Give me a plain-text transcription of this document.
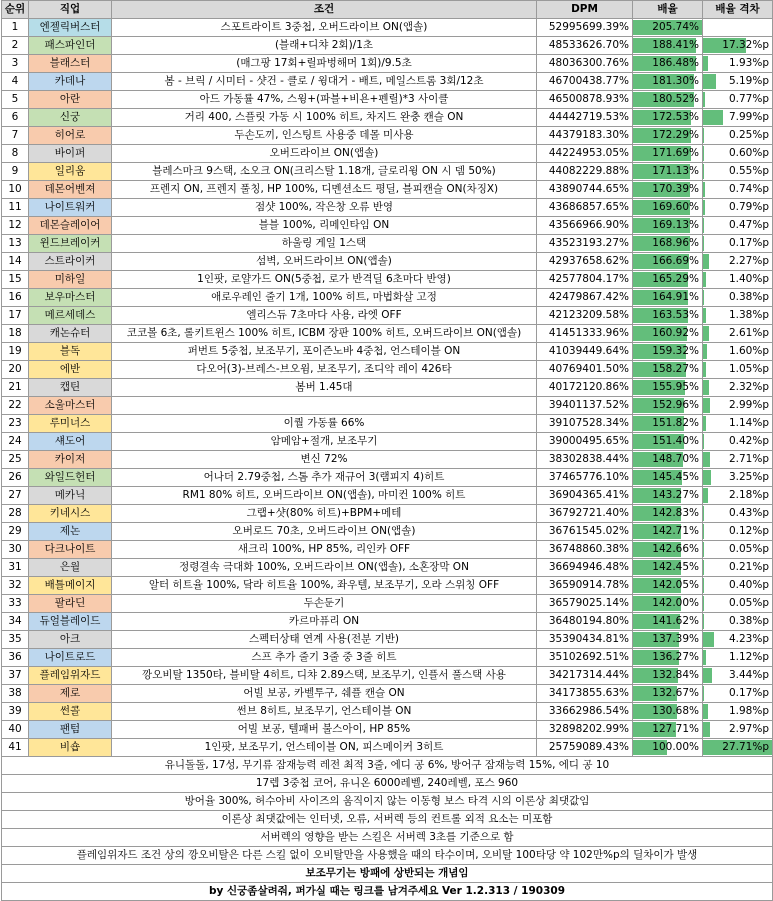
순위	직업	조건	DPM	배율	배율 격차
1	엔젤릭버스터	스포트라이트 3중첩, 오버드라이브 ON(앱솔)	52995699.39%	205.74%	
2	패스파인더	(블래+디챠 2회)/1초	48533626.70%	188.41%	17.32%p
3	블래스터	(매그팡 17회+릴파벙해머 1회)/9.5초	48036300.76%	186.48%	1.93%p
4	카데나	봄 - 브릭 / 시미터 - 샷건 - 클로 / 윙대거 - 배트, 메일스트롬 3회/12초	46700438.77%	181.30%	5.19%p
5	아란	아드 가동률 47%, 스윙+(파블+비욘+펜릴)*3 사이클	46500878.93%	180.52%	0.77%p
6	신궁	거리 400, 스플릿 가동 시 100% 히트, 차지드 완충 캔슬 ON	44442719.53%	172.53%	7.99%p
7	히어로	두손도끼, 인스팅트 사용중 데몰 미사용	44379183.30%	172.29%	0.25%p
8	바이퍼	오버드라이브 ON(앱솔)	44224953.05%	171.69%	0.60%p
9	일리움	블레스마크 9스택, 소오크 ON(크리스탈 1.18개, 글로리윙 ON 시 뎀 50%)	44082229.88%	171.13%	0.55%p
10	데몬어벤져	프렌지 ON, 프렌지 풀칭, HP 100%, 디멘션소드 평딜, 블피캔슬 ON(차징X)	43890744.65%	170.39%	0.74%p
11	나이트워커	점샷 100%, 작은창 오류 반영	43686857.65%	169.60%	0.79%p
12	데몬슬레이어	블블 100%, 리메인타임 ON	43566966.90%	169.13%	0.47%p
13	윈드브레이커	하울링 게일 1스택	43523193.27%	168.96%	0.17%p
14	스트라이커	섬벽, 오버드라이브 ON(앱솔)	42937658.62%	166.69%	2.27%p
15	미하일	1인팟, 로얄가드 ON(5중첩, 로가 반격딜 6초마다 반영)	42577804.17%	165.29%	1.40%p
16	보우마스터	애로우레인 줄기 1개, 100% 히트, 마법화살 고정	42479867.42%	164.91%	0.38%p
17	메르세데스	엘리스듀 7초마다 사용, 라엣 OFF	42123209.58%	163.53%	1.38%p
18	캐논슈터	코코볼 6초, 롤키트윈스 100% 히트, ICBM 장판 100% 히트, 오버드라이브 ON(앱솔)	41451333.96%	160.92%	2.61%p
19	블독	퍼번트 5중첩, 보조무기, 포이즌노바 4중첩, 언스테이블 ON	41039449.64%	159.32%	1.60%p
20	에반	다오어(3)-브레스-브오윔, 보조무기, 조디악 레이 426타	40769401.50%	158.27%	1.05%p
21	캡틴	봄버 1.45대	40172120.86%	155.95%	2.32%p
22	소울마스터		39401137.52%	152.96%	2.99%p
23	루미너스	이퀄 가동률 66%	39107528.34%	151.82%	1.14%p
24	섀도어	암메암+절개, 보조무기	39000495.65%	151.40%	0.42%p
25	카이저	변신 72%	38302838.44%	148.70%	2.71%p
26	와일드헌터	어나더 2.79중첩, 스톰 추가 재규어 3(램피지 4)히트	37465776.10%	145.45%	3.25%p
27	메카닉	RM1 80% 히트, 오버드라이브 ON(앱솔), 마미컨 100% 히트	36904365.41%	143.27%	2.18%p
28	키네시스	그랩+샷(80% 히트)+BPM+메테	36792721.40%	142.83%	0.43%p
29	제논	오버로드 70초, 오버드라이브 ON(앱솔)	36761545.02%	142.71%	0.12%p
30	다크나이트	새크리 100%, HP 85%, 리인카 OFF	36748860.38%	142.66%	0.05%p
31	은월	정령결속 극대화 100%, 오버드라이브 ON(앱솔), 소혼장막 ON	36694946.48%	142.45%	0.21%p
32	배틀메이지	알터 히트율 100%, 닼라 히트율 100%, 좌우텔, 보조무기, 오라 스위칭 OFF	36590914.78%	142.05%	0.40%p
33	팔라딘	두손둔기	36579025.14%	142.00%	0.05%p
34	듀얼블레이드	카르마퓨리 ON	36480194.80%	141.62%	0.38%p
35	아크	스펙터상태 연계 사용(전분 기반)	35390434.81%	137.39%	4.23%p
36	나이트로드	스프 추가 줄기 3줄 중 3줄 히트	35102692.51%	136.27%	1.12%p
37	플레임위자드	깡오비탈 1350타, 블비탈 4히트, 디챠 2.89스택, 보조무기, 인플서 풀스택 사용	34217314.44%	132.84%	3.44%p
38	제로	어빌 보공, 카벨투구, 쉐플 캔슬 ON	34173855.63%	132.67%	0.17%p
39	썬콜	썬브 8히트, 보조무기, 언스테이블 ON	33662986.54%	130.68%	1.98%p
40	팬텀	어빌 보공, 텔패버 불스아이, HP 85%	32898202.99%	127.71%	2.97%p
41	비숍	1인팟, 보조무기, 언스테이블 ON, 피스메이커 3히트	25759089.43%	100.00%	27.71%p
유니돌돌, 17성, 무기류 잠재능력 레전 최적 3줄, 에디 공 6%, 방어구 잠재능력 15%, 에디 공 10					
17렙 3중첩 코어, 유니온 6000레벨, 240레벨, 포스 960					
방어율 300%, 허수아비 사이즈의 움직이지 않는 이동형 보스 타격 시의 이론상 최댓값임					
이론상 최댓값에는 인터넷, 오류, 서버렉 등의 컨트롤 외적 요소는 미포함					
서버렉의 영향을 받는 스킬은 서버렉 3초를 기준으로 함					
플레임위자드 조건 상의 깡오비탈은 다른 스킬 없이 오비탈만을 사용했을 때의 타수이며, 오비탈 100타당 약 102만%p의 딜차이가 발생					
보조무기는 방패에 상반되는 개념임					
by 신궁좀살려줘, 퍼가실 때는 링크를 남겨주세요 Ver 1.2.313 / 190309					
